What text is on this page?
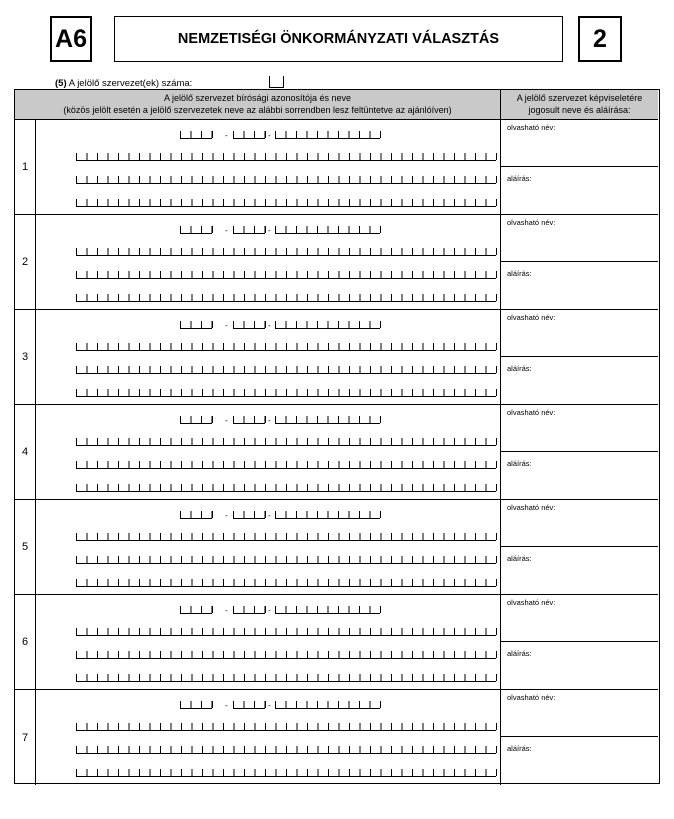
A6	NEMZETISÉGI ÖNKORMÁNYZATI VÁLASZTÁS	2
(5) A jelölő szervezet(ek) száma:
A jelölő szervezet bírósági azonosítója és neve
(közös jelölt esetén a jelölő szervezetek neve az alábbi sorrendben lesz feltüntetve az ajánlóíven)
A jelölő szervezet képviseletére
jogosult neve és aláírása:
1
-	-
olvasható név:
aláírás:
2
-	-
olvasható név:
aláírás:
3
-	-
olvasható név:
aláírás:
4
-	-
olvasható név:
aláírás:
5
-	-
olvasható név:
aláírás:
6
-	-
olvasható név:
aláírás:
7
-	-
olvasható név:
aláírás:
